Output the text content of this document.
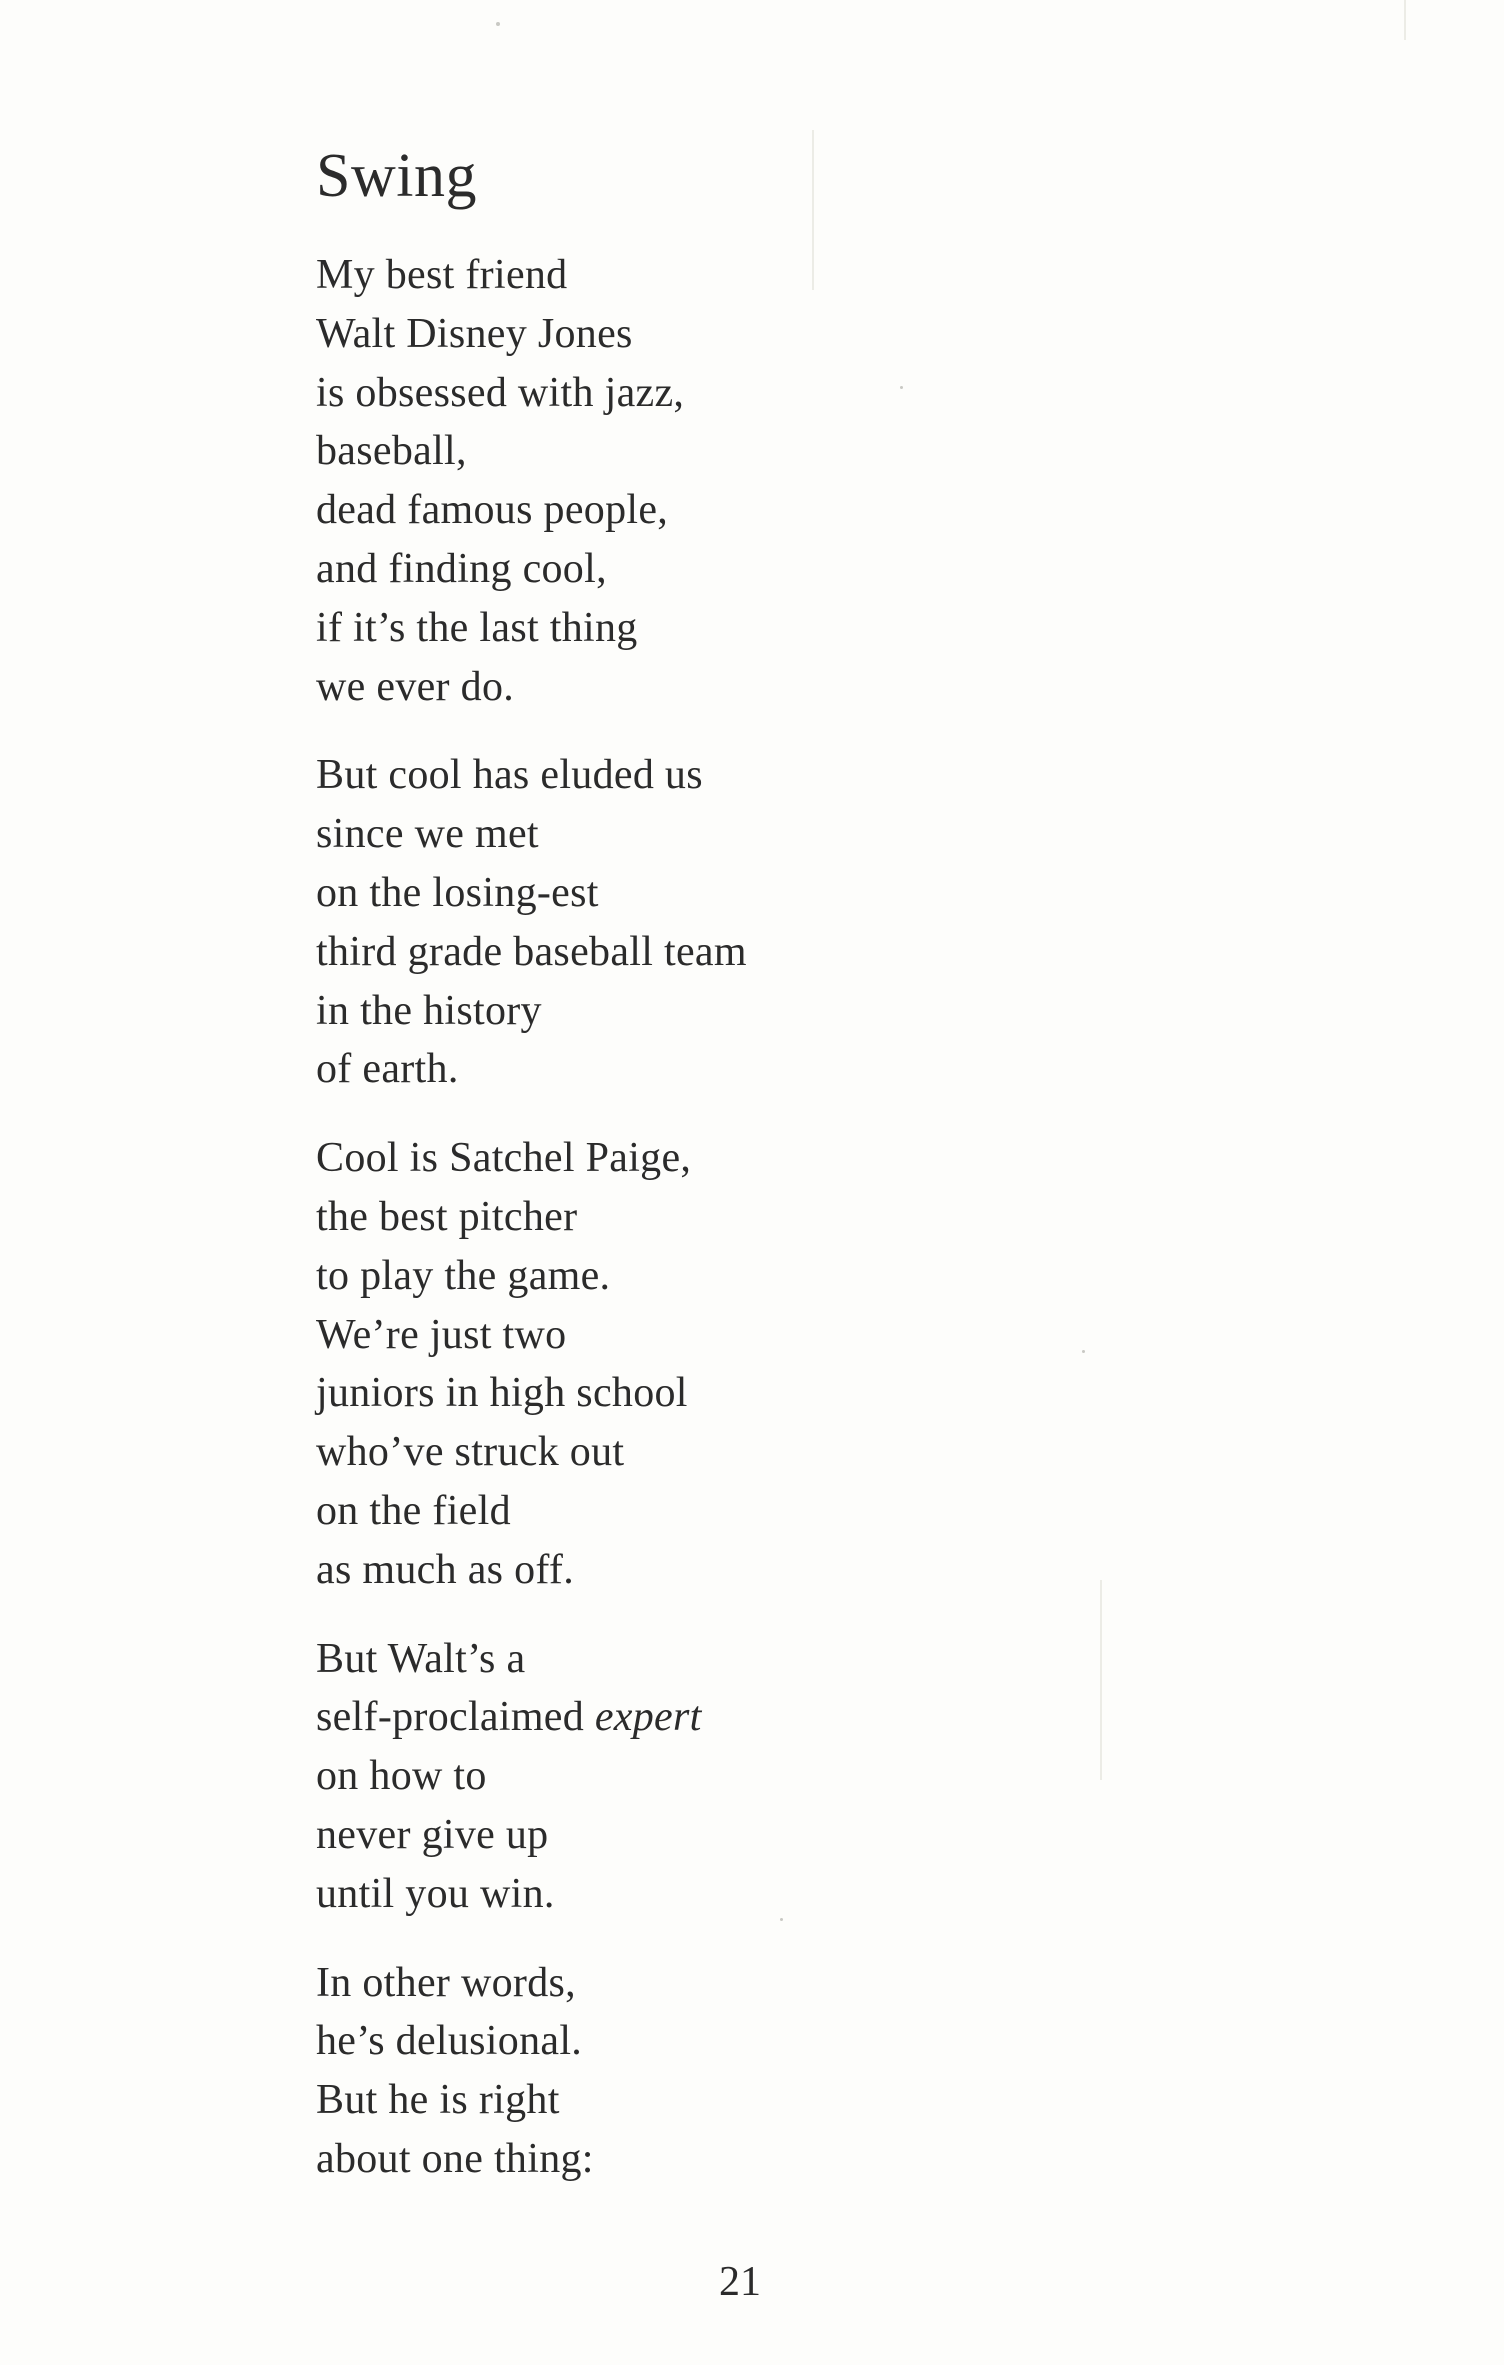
Swing
My best friend
Walt Disney Jones
is obsessed with jazz,
baseball,
dead famous people,
and finding cool,
if it’s the last thing
we ever do.
But cool has eluded us
since we met
on the losing-est
third grade baseball team
in the history
of earth.
Cool is Satchel Paige,
the best pitcher
to play the game.
We’re just two
juniors in high school
who’ve struck out
on the field
as much as off.
But Walt’s a
self-proclaimed expert
on how to
never give up
until you win.
In other words,
he’s delusional.
But he is right
about one thing:
21
